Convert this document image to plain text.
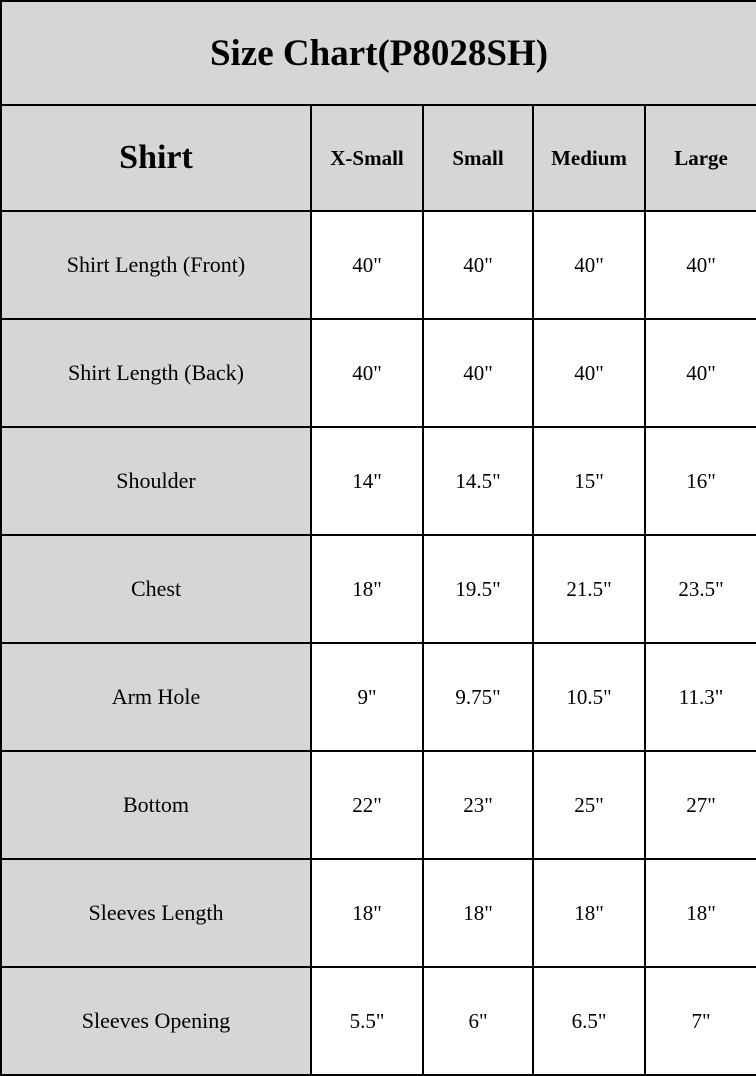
Size Chart(P8028SH)				
Shirt	X-Small	Small	Medium	Large
Shirt Length (Front)	40"	40"	40"	40"
Shirt Length (Back)	40"	40"	40"	40"
Shoulder	14"	14.5"	15"	16"
Chest	18"	19.5"	21.5"	23.5"
Arm Hole	9"	9.75"	10.5"	11.3"
Bottom	22"	23"	25"	27"
Sleeves Length	18"	18"	18"	18"
Sleeves Opening	5.5"	6"	6.5"	7"
